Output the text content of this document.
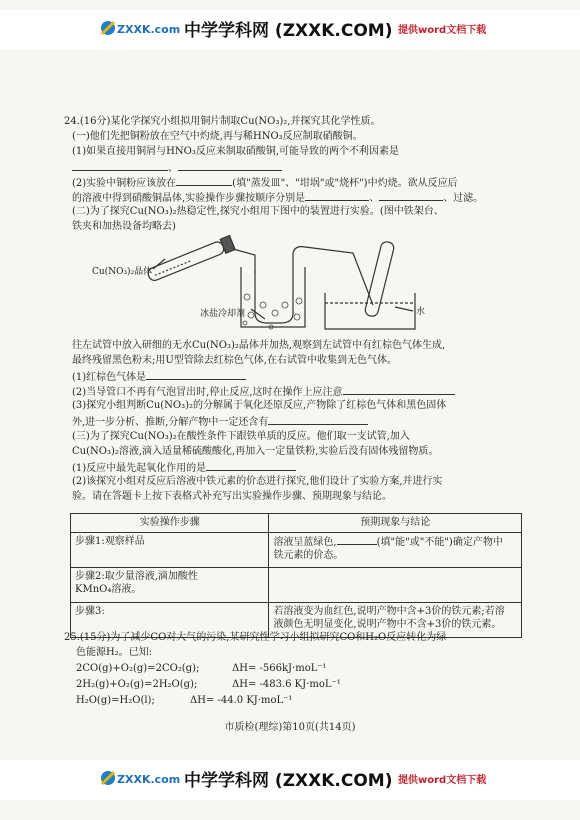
ZXXK.com 中学学科网 (ZXXK.COM) 提供word文档下载
24.(16分)某化学探究小组拟用铜片制取Cu(NO₃)₂,并探究其化学性质。
(一)他们先把铜粉放在空气中灼烧,再与稀HNO₃反应制取硝酸铜。
(1)如果直接用铜屑与HNO₃反应来制取硝酸铜,可能导致的两个不利因素是
、
(2)实验中铜粉应该放在	(填"蒸发皿"、"坩埚"或"烧杯")中灼烧。欲从反应后
的溶液中得到硝酸铜晶体,实验操作步骤按顺序分别是	、	、过滤。
(二)为了探究Cu(NO₃)₂热稳定性,探究小组用下图中的装置进行实验。(图中铁架台、
铁夹和加热设备均略去)
Cu(NO₃)₂晶体
冰盐冷却剂	水
往左试管中放入研细的无水Cu(NO₃)₂晶体并加热,观察到左试管中有红棕色气体生成,
最终残留黑色粉末;用U型管除去红棕色气体,在右试管中收集到无色气体。
(1)红棕色气体是
(2)当导管口不再有气泡冒出时,停止反应,这时在操作上应注意
(3)探究小组判断Cu(NO₃)₂的分解属于氧化还原反应,产物除了红棕色气体和黑色固体
外,进一步分析、推断,分解产物中一定还含有
(三)为了探究Cu(NO₃)₂在酸性条件下跟铁单质的反应。他们取一支试管,加入
Cu(NO₃)₂溶液,滴入适量稀硫酸酸化,再加入一定量铁粉,实验后没有固体残留物质。
(1)反应中最先起氧化作用的是
(2)该探究小组对反应后溶液中铁元素的价态进行探究,他们设计了实验方案,并进行实
验。请在答题卡上按下表格式补充写出实验操作步骤、预期现象与结论。
实验操作步骤	预期现象与结论
步骤1:观察样品	溶液呈蓝绿色, (填"能"或"不能")确定产物中
铁元素的价态。
步骤2:取少量溶液,滴加酸性
KMnO₄溶液。	
步骤3:	若溶液变为血红色,说明产物中含+3价的铁元素;若溶
液颜色无明显变化,说明产物中不含+3价的铁元素。
25.(15分)为了减少CO对大气的污染,某研究性学习小组拟研究CO和H₂O反应转化为绿
色能源H₂。已知:
2CO(g)+O₂(g)=2CO₂(g);	ΔH= -566kJ·moL⁻¹
2H₂(g)+O₂(g)=2H₂O(g);	ΔH= -483.6 KJ·moL⁻¹
H₂O(g)=H₂O(l);	ΔH= -44.0 KJ·moL⁻¹
市质检(理综)第10页(共14页)
ZXXK.com 中学学科网 (ZXXK.COM) 提供word文档下载
